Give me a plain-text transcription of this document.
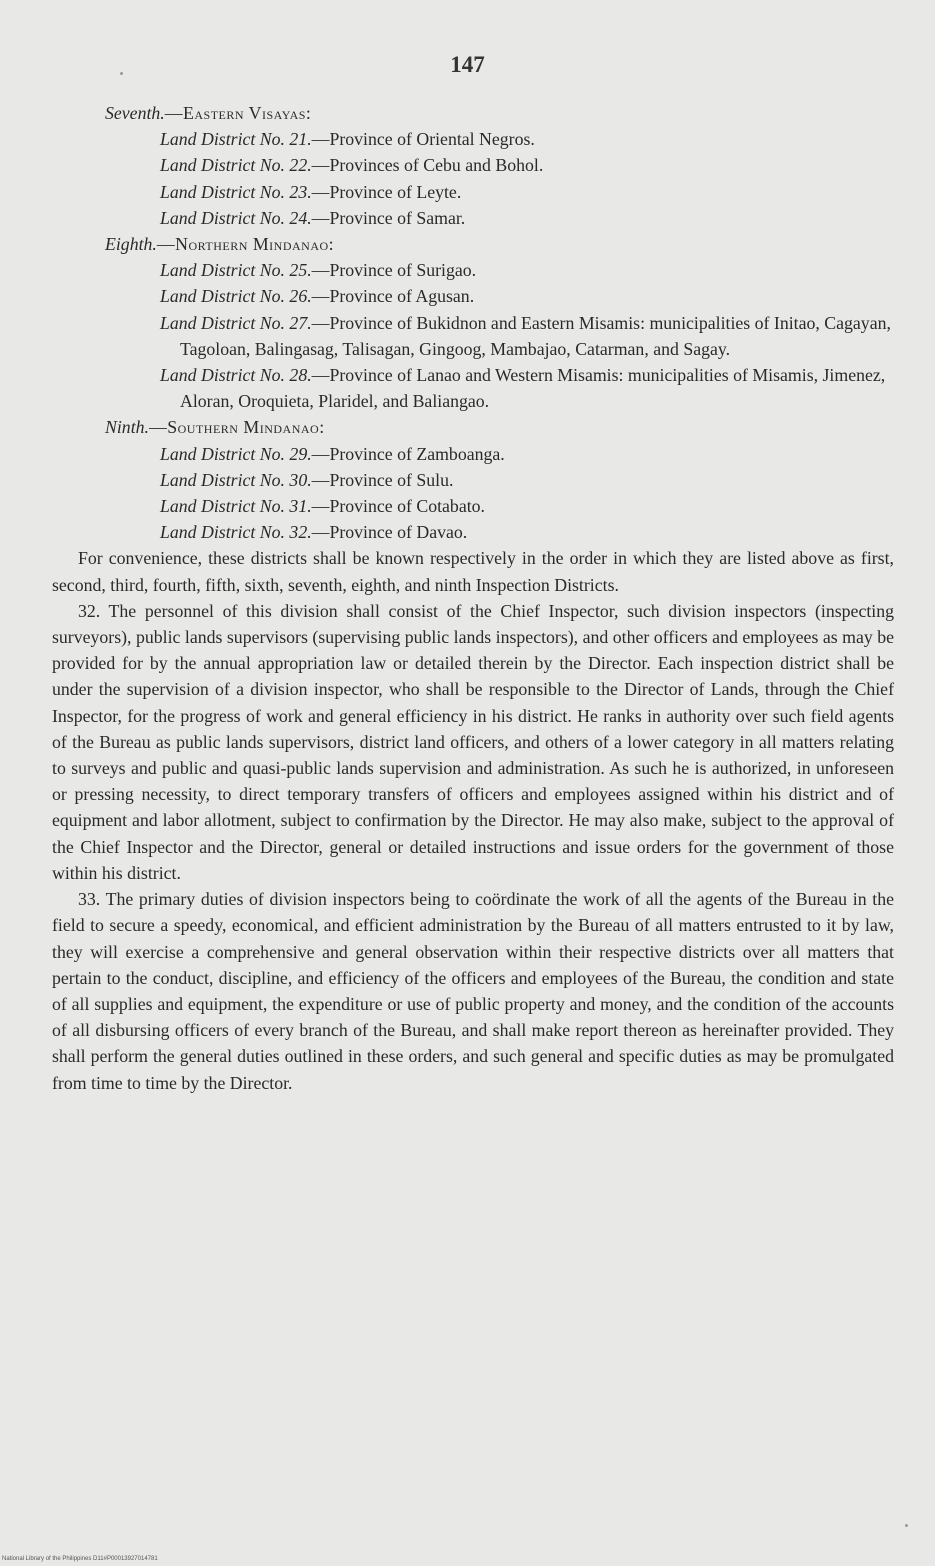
147

Seventh.—Eastern Visayas:

Land District No. 21.—Province of Oriental Negros.

Land District No. 22.—Provinces of Cebu and Bohol.

Land District No. 23.—Province of Leyte.

Land District No. 24.—Province of Samar.

Eighth.—Northern Mindanao:

Land District No. 25.—Province of Surigao.

Land District No. 26.—Province of Agusan.

Land District No. 27.—Province of Bukidnon and Eastern Misamis: municipalities of Initao, Cagayan, Tagoloan, Balingasag, Talisagan, Gingoog, Mambajao, Catarman, and Sagay.

Land District No. 28.—Province of Lanao and Western Misamis: municipalities of Misamis, Jimenez, Aloran, Oroquieta, Plaridel, and Baliangao.

Ninth.—Southern Mindanao:

Land District No. 29.—Province of Zamboanga.

Land District No. 30.—Province of Sulu.

Land District No. 31.—Province of Cotabato.

Land District No. 32.—Province of Davao.

For convenience, these districts shall be known respectively in the order in which they are listed above as first, second, third, fourth, fifth, sixth, seventh, eighth, and ninth Inspection Districts.

32. The personnel of this division shall consist of the Chief Inspector, such division inspectors (inspecting surveyors), public lands supervisors (supervising public lands inspectors), and other officers and employees as may be provided for by the annual appropriation law or detailed therein by the Director. Each inspection district shall be under the supervision of a division inspector, who shall be responsible to the Director of Lands, through the Chief Inspector, for the progress of work and general efficiency in his district. He ranks in authority over such field agents of the Bureau as public lands supervisors, district land officers, and others of a lower category in all matters relating to surveys and public and quasi-public lands supervision and administration. As such he is authorized, in unforeseen or pressing necessity, to direct temporary transfers of officers and employees assigned within his district and of equipment and labor allotment, subject to confirmation by the Director. He may also make, subject to the approval of the Chief Inspector and the Director, general or detailed instructions and issue orders for the government of those within his district.

33. The primary duties of division inspectors being to coördinate the work of all the agents of the Bureau in the field to secure a speedy, economical, and efficient administration by the Bureau of all matters entrusted to it by law, they will exercise a comprehensive and general observation within their respective districts over all matters that pertain to the conduct, discipline, and efficiency of the officers and employees of the Bureau, the condition and state of all supplies and equipment, the expenditure or use of public property and money, and the condition of the accounts of all disbursing officers of every branch of the Bureau, and shall make report thereon as hereinafter provided. They shall perform the general duties outlined in these orders, and such general and specific duties as may be promulgated from time to time by the Director.

National Library of the Philippines D11#P00013927014781
